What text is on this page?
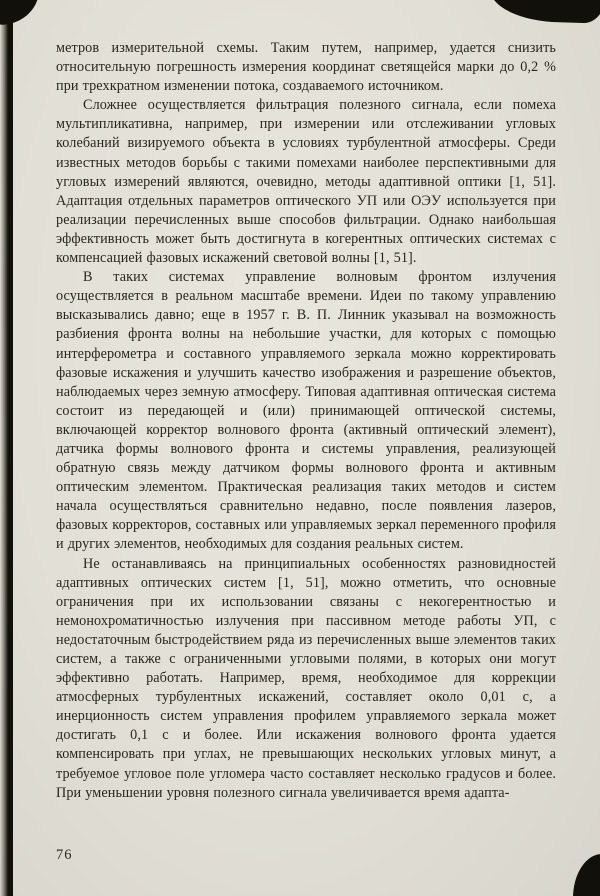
метров измерительной схемы. Таким путем, например, удается снизить относительную погрешность измерения координат светящейся марки до 0,2 % при трехкратном изменении потока, создаваемого источником.

Сложнее осуществляется фильтрация полезного сигнала, если помеха мультипликативна, например, при измерении или отслеживании угловых колебаний визируемого объекта в условиях турбулентной атмосферы. Среди известных методов борьбы с такими помехами наиболее перспективными для угловых измерений являются, очевидно, методы адаптивной оптики [1, 51]. Адаптация отдельных параметров оптического УП или ОЭУ используется при реализации перечисленных выше способов фильтрации. Однако наибольшая эффективность может быть достигнута в когерентных оптических системах с компенсацией фазовых искажений световой волны [1, 51].

В таких системах управление волновым фронтом излучения осуществляется в реальном масштабе времени. Идеи по такому управлению высказывались давно; еще в 1957 г. В. П. Линник указывал на возможность разбиения фронта волны на небольшие участки, для которых с помощью интерферометра и составного управляемого зеркала можно корректировать фазовые искажения и улучшить качество изображения и разрешение объектов, наблюдаемых через земную атмосферу. Типовая адаптивная оптическая система состоит из передающей и (или) принимающей оптической системы, включающей корректор волнового фронта (активный оптический элемент), датчика формы волнового фронта и системы управления, реализующей обратную связь между датчиком формы волнового фронта и активным оптическим элементом. Практическая реализация таких методов и систем начала осуществляться сравнительно недавно, после появления лазеров, фазовых корректоров, составных или управляемых зеркал переменного профиля и других элементов, необходимых для создания реальных систем.

Не останавливаясь на принципиальных особенностях разновидностей адаптивных оптических систем [1, 51], можно отметить, что основные ограничения при их использовании связаны с некогерентностью и немонохроматичностью излучения при пассивном методе работы УП, с недостаточным быстродействием ряда из перечисленных выше элементов таких систем, а также с ограниченными угловыми полями, в которых они могут эффективно работать. Например, время, необходимое для коррекции атмосферных турбулентных искажений, составляет около 0,01 с, а инерционность систем управления профилем управляемого зеркала может достигать 0,1 с и более. Или искажения волнового фронта удается компенсировать при углах, не превышающих нескольких угловых минут, а требуемое угловое поле угломера часто составляет несколько градусов и более. При уменьшении уровня полезного сигнала увеличивается время адапта-

76
